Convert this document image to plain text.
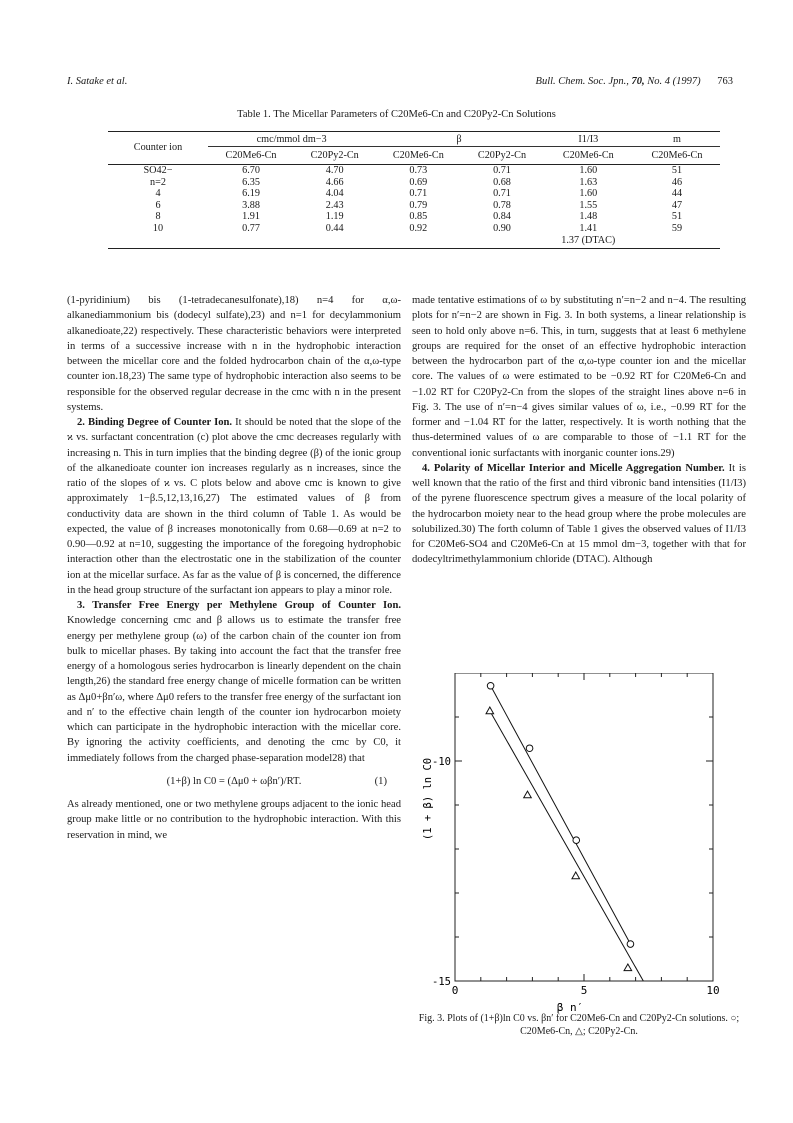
I. Satake et al.	Bull. Chem. Soc. Jpn., 70, No. 4 (1997) 763
Table 1. The Micellar Parameters of C20Me6-Cn and C20Py2-Cn Solutions
Counter ion	cmc/mmol dm−3		β		I1/I3	m
	C20Me6-Cn	C20Py2-Cn	C20Me6-Cn	C20Py2-Cn	C20Me6-Cn	C20Me6-Cn
SO42−	6.70	4.70	0.73	0.71	1.60	51
n=2	6.35	4.66	0.69	0.68	1.63	46
4	6.19	4.04	0.71	0.71	1.60	44
6	3.88	2.43	0.79	0.78	1.55	47
8	1.91	1.19	0.85	0.84	1.48	51
10	0.77	0.44	0.92	0.90	1.41	59
					1.37 (DTAC)	

(1-pyridinium) bis (1-tetradecanesulfonate),18) n=4 for α,ω-alkanediammonium bis (dodecyl sulfate),23) and n=1 for decylammonium alkanedioate,22) respectively. These characteristic behaviors were interpreted in terms of a successive increase with n in the hydrophobic interaction between the micellar core and the folded hydrocarbon chain of the α,ω-type counter ion.18,23) The same type of hydrophobic interaction also seems to be responsible for the observed regular decrease in the cmc with n in the present systems.

2. Binding Degree of Counter Ion. It should be noted that the slope of the ϰ vs. surfactant concentration (c) plot above the cmc decreases regularly with increasing n. This in turn implies that the binding degree (β) of the ionic group of the alkanedioate counter ion increases regularly as n increases, since the ratio of the slopes of ϰ vs. C plots below and above cmc is known to give approximately 1−β.5,12,13,16,27) The estimated values of β from conductivity data are shown in the third column of Table 1. As would be expected, the value of β increases monotonically from 0.68—0.69 at n=2 to 0.90—0.92 at n=10, suggesting the importance of the foregoing hydrophobic interaction other than the electrostatic one in the stabilization of the counter ion at the micellar surface. As far as the value of β is concerned, the difference in the head group structure of the surfactant ion appears to play a minor role.

3. Transfer Free Energy per Methylene Group of Counter Ion. Knowledge concerning cmc and β allows us to estimate the transfer free energy per methylene group (ω) of the carbon chain of the counter ion from bulk to micellar phases. By taking into account the fact that the transfer free energy of a homologous series hydrocarbon is linearly dependent on the chain length,26) the standard free energy change of micelle formation can be written as Δμ0+βn′ω, where Δμ0 refers to the transfer free energy of the surfactant ion and n′ to the effective chain length of the counter ion hydrocarbon moiety which can participate in the hydrophobic interaction with the micellar core. By ignoring the activity coefficients, and denoting the cmc by C0, it immediately follows from the charged phase-separation model28) that

(1+β) ln C0 = (Δμ0 + ωβn′)/RT.	(1)

As already mentioned, one or two methylene groups adjacent to the ionic head group make little or no contribution to the hydrophobic interaction. With this reservation in mind, we

made tentative estimations of ω by substituting n′=n−2 and n−4. The resulting plots for n′=n−2 are shown in Fig. 3. In both systems, a linear relationship is seen to hold only above n=6. This, in turn, suggests that at least 6 methylene groups are required for the onset of an effective hydrophobic interaction between the hydrocarbon part of the α,ω-type counter ion and the micellar core. The values of ω were estimated to be −0.92 RT for C20Me6-Cn and −1.02 RT for C20Py2-Cn from the slopes of the straight lines above n=6 in Fig. 3. The use of n′=n−4 gives similar values of ω, i.e., −0.99 RT for the former and −1.04 RT for the latter, respectively. It is worth nothing that the thus-determined values of ω are comparable to those of −1.1 RT for the conventional ionic surfactants with inorganic counter ions.29)

4. Polarity of Micellar Interior and Micelle Aggregation Number. It is well known that the ratio of the first and third vibronic band intensities (I1/I3) of the pyrene fluorescence spectrum gives a measure of the local polarity of the hydrocarbon moiety near to the head group where the probe molecules are solubilized.30) The forth column of Table 1 gives the observed values of I1/I3 for C20Me6-SO4 and C20Me6-Cn at 15 mmol dm−3, together with that for dodecyltrimethylammonium chloride (DTAC). Although

0	5	10
-10
-15
β n′
(1 + β) ln C0
Fig. 3. Plots of (1+β)ln C0 vs. βn′ for C20Me6-Cn and C20Py2-Cn solutions. ○; C20Me6-Cn, △; C20Py2-Cn.
